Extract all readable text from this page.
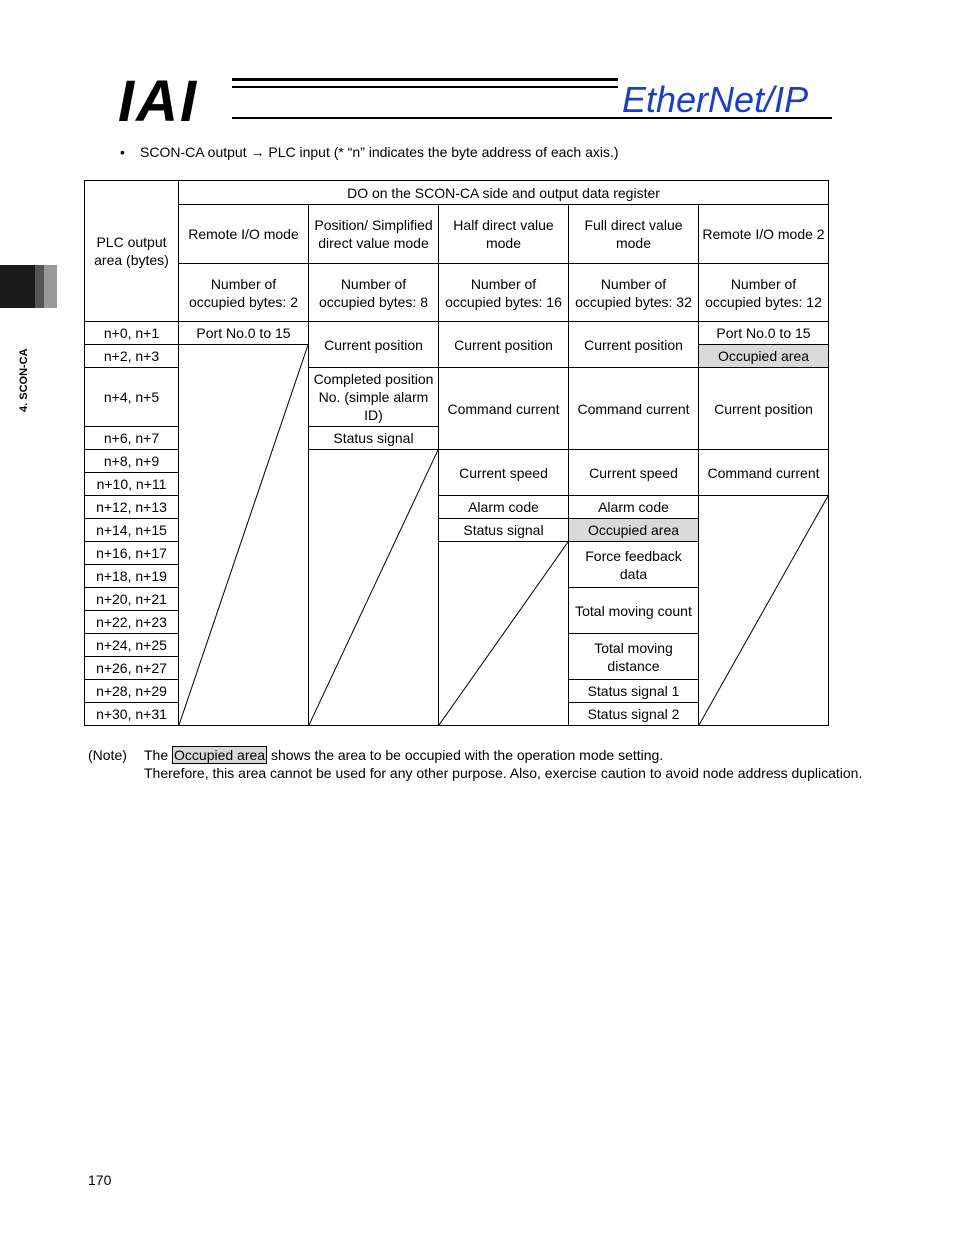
IAI	EtherNet/IP
4. SCON-CA
• SCON-CA output → PLC input (* “n” indicates the byte address of each axis.)
PLC output area (bytes)	DO on the SCON-CA side and output data register				
	Remote I/O mode	Position/ Simplified direct value mode	Half direct value mode	Full direct value mode	Remote I/O mode 2
	Number of occupied bytes: 2	Number of occupied bytes: 8	Number of occupied bytes: 16	Number of occupied bytes: 32	Number of occupied bytes: 12
n+0, n+1	Port No.0 to 15	Current position	Current position	Current position	Port No.0 to 15
n+2, n+3					Occupied area
n+4, n+5		Completed position No. (simple alarm ID)	Command current	Command current	Current position
n+6, n+7		Status signal			
n+8, n+9			Current speed	Current speed	Command current
n+10, n+11					
n+12, n+13			Alarm code	Alarm code	

n+14, n+15			Status signal	Occupied area	
n+16, n+17				Force feedback data	
n+18, n+19					
n+20, n+21				Total moving count	
n+22, n+23					
n+24, n+25				Total moving distance	
n+26, n+27					
n+28, n+29				Status signal 1	
n+30, n+31				Status signal 2	
(Note) The Occupied area shows the area to be occupied with the operation mode setting.
Therefore, this area cannot be used for any other purpose. Also, exercise caution to avoid node address duplication.
170
